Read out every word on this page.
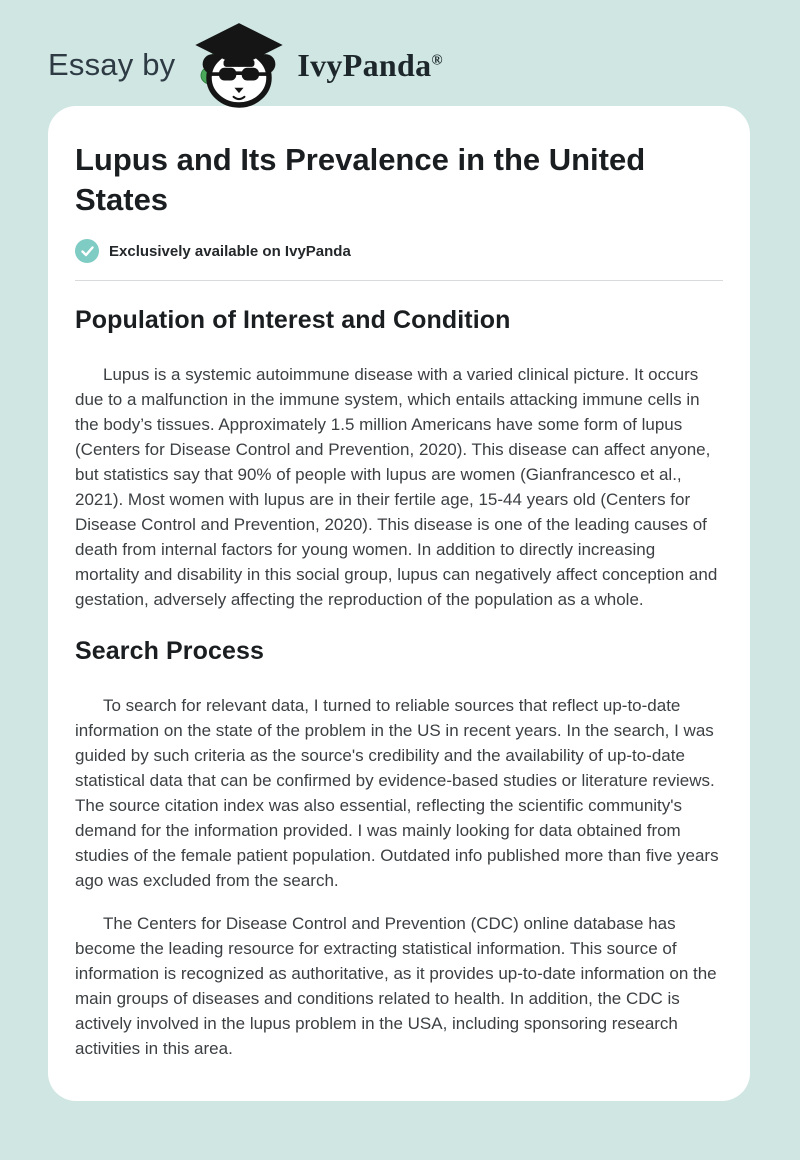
Essay by	IvyPanda®
Lupus and Its Prevalence in the United States
Exclusively available on IvyPanda
Population of Interest and Condition

Lupus is a systemic autoimmune disease with a varied clinical picture. It occurs due to a malfunction in the immune system, which entails attacking immune cells in the body’s tissues. Approximately 1.5 million Americans have some form of lupus (Centers for Disease Control and Prevention, 2020). This disease can affect anyone, but statistics say that 90% of people with lupus are women (Gianfrancesco et al., 2021). Most women with lupus are in their fertile age, 15-44 years old (Centers for Disease Control and Prevention, 2020). This disease is one of the leading causes of death from internal factors for young women. In addition to directly increasing mortality and disability in this social group, lupus can negatively affect conception and gestation, adversely affecting the reproduction of the population as a whole.

Search Process

To search for relevant data, I turned to reliable sources that reflect up-to-date information on the state of the problem in the US in recent years. In the search, I was guided by such criteria as the source's credibility and the availability of up-to-date statistical data that can be confirmed by evidence-based studies or literature reviews. The source citation index was also essential, reflecting the scientific community's demand for the information provided. I was mainly looking for data obtained from studies of the female patient population. Outdated info published more than five years ago was excluded from the search.

The Centers for Disease Control and Prevention (CDC) online database has become the leading resource for extracting statistical information. This source of information is recognized as authoritative, as it provides up-to-date information on the main groups of diseases and conditions related to health. In addition, the CDC is actively involved in the lupus problem in the USA, including sponsoring research activities in this area.
